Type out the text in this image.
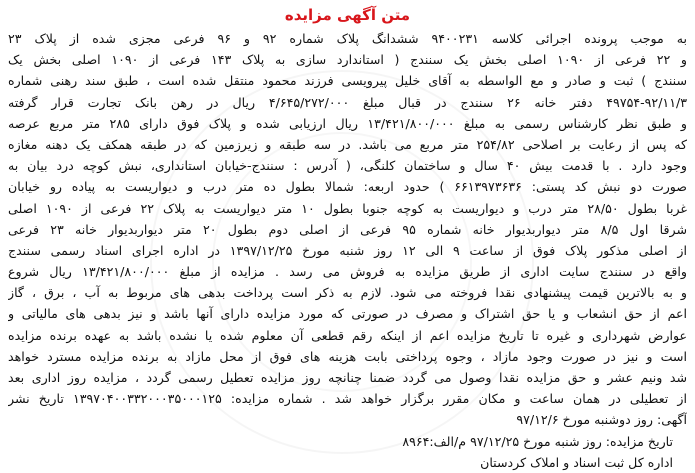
متن آگهی مزایده
به موجب پرونده اجرائی کلاسه ۹۴۰۰۲۳۱ ششدانگ پلاک شماره ۹۲ و ۹۶ فرعی مجزی شده از پلاک ۲۳
و ۲۲ فرعی از ۱۰۹۰ اصلی بخش یک سنندج ( استاندارد سازی به پلاک ۱۴۳ فرعی از ۱۰۹۰ اصلی بخش یک
سنندج ) ثبت و صادر و مع الواسطه به آقای خلیل پیرویسی فرزند محمود منتقل شده است ، طبق سند رهنی شماره
۴۹۷۵۴-۹۲/۱۱/۳ دفتر خانه ۲۶ سنندج در قبال مبلغ ۴/۶۴۵/۲۷۲/۰۰۰ ریال در رهن بانک تجارت قرار گرفته
و طبق نظر کارشناس رسمی به مبلغ ۱۳/۴۲۱/۸۰۰/۰۰۰ ریال ارزیابی شده و پلاک فوق دارای ۲۸۵ متر مربع عرصه
که پس از رعایت بر اصلاحی ۲۵۴/۸۲ متر مربع می باشد. در سه طبقه و زیرزمین که در طبقه همکف یک دهنه مغازه
وجود دارد . با قدمت بیش ۴۰ سال و ساختمان کلنگی، ( آدرس : سنندج-خیابان استانداری، نبش کوچه درد بیان به
صورت دو نبش کد پستی: ۶۶۱۳۹۷۳۶۳۶ ) حدود اربعه: شمالا بطول ده متر درب و دیواریست به پیاده رو خیابان
غربا بطول ۲۸/۵۰ متر درب و دیواریست به کوچه جنوبا بطول ۱۰ متر دیواریست به پلاک ۲۲ فرعی از ۱۰۹۰ اصلی
شرقا اول ۸/۵ متر دیواربدیوار خانه شماره ۹۵ فرعی از اصلی دوم بطول ۲۰ متر دیواربدیوار خانه ۲۳ فرعی
از اصلی مذکور پلاک فوق از ساعت ۹ الی ۱۲ روز شنبه مورخ ۱۳۹۷/۱۲/۲۵ در اداره اجرای اسناد رسمی سنندج
واقع در سنندج سایت اداری از طریق مزایده به فروش می رسد . مزایده از مبلغ ۱۳/۴۲۱/۸۰۰/۰۰۰ ریال شروع
و به بالاترین قیمت پیشنهادی نقدا فروخته می شود. لازم به ذکر است پرداخت بدهی های مربوط به آب ، برق ، گاز
اعم از حق انشعاب و یا حق اشتراک و مصرف در صورتی که مورد مزایده دارای آنها باشد و نیز بدهی های مالیاتی و
عوارض شهرداری و غیره تا تاریخ مزایده اعم از اینکه رقم قطعی آن معلوم شده یا نشده باشد به عهده برنده مزایده
است و نیز در صورت وجود مازاد ، وجوه پرداختی بابت هزینه های فوق از محل مازاد به برنده مزایده مسترد خواهد
شد ونیم عشر و حق مزایده نقدا وصول می گردد ضمنا چنانچه روز مزایده تعطیل رسمی گردد ، مزایده روز اداری بعد
از تعطیلی در همان ساعت و مکان مقرر برگزار خواهد شد . شماره مزایده: ۱۳۹۷۰۴۰۰۳۳۲۰۰۰۳۵۰۰۰۱۲۵ تاریخ نشر
آگهی: روز دوشنبه مورخ ۹۷/۱۲/۶
تاریخ مزایده: روز شنبه مورخ ۹۷/۱۲/۲۵ م/الف:۸۹۶۴
اداره کل ثبت اسناد و املاک کردستان
